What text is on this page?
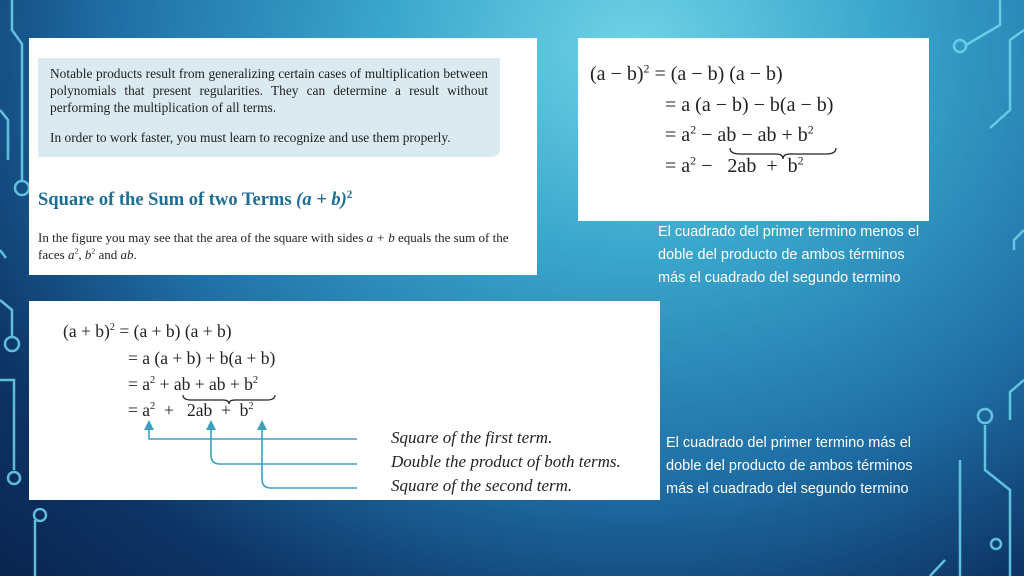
Notable products result from generalizing certain cases of multiplication between polynomials that present regularities. They can determine a result without performing the multiplication of all terms.

In order to work faster, you must learn to recognize and use them properly.

Square of the Sum of two Terms $(a + b)^2$
In the figure you may see that the area of the square with sides a + b equals the sum of the faces $a^2$, $b^2$ and ab.
$(a - b)^2 = (a - b)$ (a − b)
= a (a − b) − b(a − b)
= $a^2$ − ab − ab + $b^2$
= $a^2 - 2ab + b^2$
El cuadrado del primer termino menos el doble del producto de ambos términos más el cuadrado del segundo termino
$(a + b)^2 = (a + b)$ (a + b)
= a (a + b) + b(a + b)
= $a^2$ + ab + ab + $b^2$
= $a^2 + 2ab + b^2$
Square of the first term.
Double the product of both terms.
Square of the second term.
El cuadrado del primer termino más el doble del producto de ambos términos más el cuadrado del segundo termino
